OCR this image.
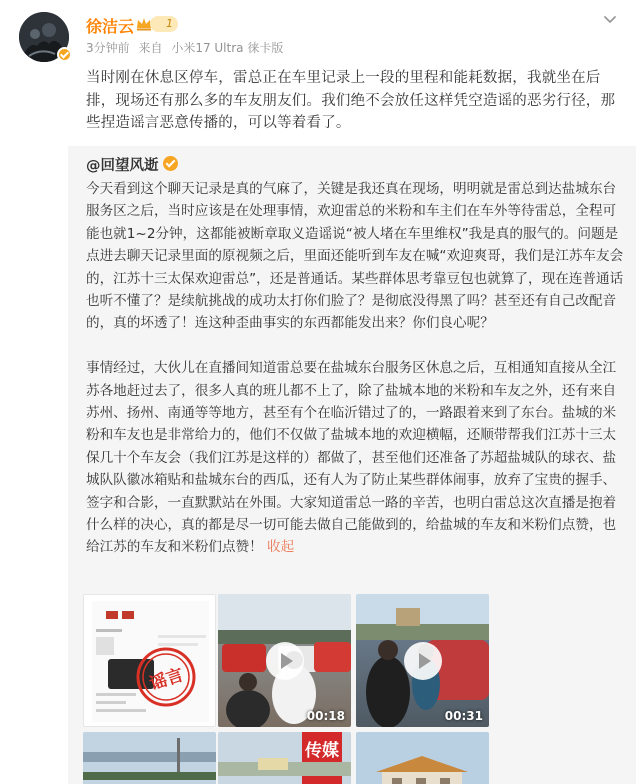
徐洁云	1
3分钟前 来自 小米17 Ultra 徕卡版
当时刚在休息区停车，雷总正在车里记录上一段的里程和能耗数据，我就坐在后排，现场还有那么多的车友朋友们。我们绝不会放任这样凭空造谣的恶劣行径，那些捏造谣言恶意传播的，可以等着看了。
@回望风逝

今天看到这个聊天记录是真的气麻了，关键是我还真在现场，明明就是雷总到达盐城东台服务区之后，当时应该是在处理事情，欢迎雷总的米粉和车主们在车外等待雷总，全程可能也就1~2分钟，这都能被断章取义造谣说“被人堵在车里维权”我是真的服气的。问题是点进去聊天记录里面的原视频之后，里面还能听到车友在喊“欢迎爽哥，我们是江苏车友会的，江苏十三太保欢迎雷总”，还是普通话。某些群体思考靠豆包也就算了，现在连普通话也听不懂了？是续航挑战的成功太打你们脸了？是彻底没得黑了吗？甚至还有自己改配音的，真的坏透了！连这种歪曲事实的东西都能发出来？你们良心呢？

事情经过，大伙儿在直播间知道雷总要在盐城东台服务区休息之后，互相通知直接从全江苏各地赶过去了，很多人真的班儿都不上了，除了盐城本地的米粉和车友之外，还有来自苏州、扬州、南通等等地方，甚至有个在临沂错过了的，一路跟着来到了东台。盐城的米粉和车友也是非常给力的，他们不仅做了盐城本地的欢迎横幅，还顺带帮我们江苏十三太保几十个车友会（我们江苏是这样的）都做了，甚至他们还准备了苏超盐城队的球衣、盐城队队徽冰箱贴和盐城东台的西瓜，还有人为了防止某些群体闹事，放弃了宝贵的握手、签字和合影，一直默默站在外围。大家知道雷总一路的辛苦，也明白雷总这次直播是抱着什么样的决心，真的都是尽一切可能去做自己能做到的，给盐城的车友和米粉们点赞，也给江苏的车友和米粉们点赞！ 收起

谣言
00:18	00:31
传媒
